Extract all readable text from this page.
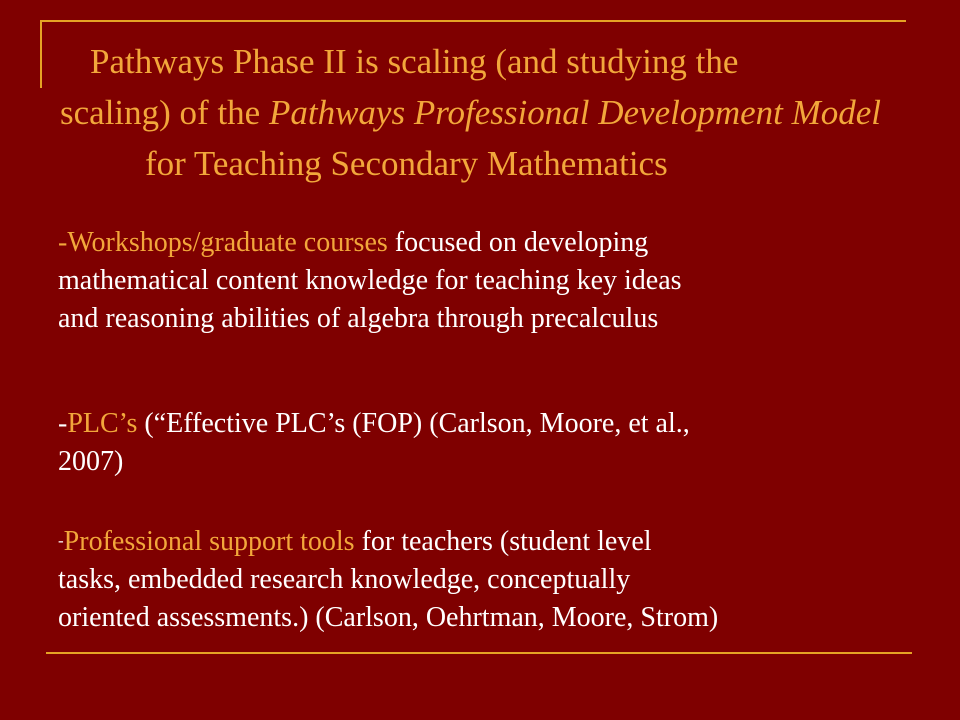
Pathways Phase II is scaling (and studying the
scaling) of the Pathways Professional Development Model
for Teaching Secondary Mathematics
-Workshops/graduate courses focused on developing
mathematical content knowledge for teaching key ideas
and reasoning abilities of algebra through precalculus
-PLC’s (“Effective PLC’s (FOP) (Carlson, Moore, et al.,
2007)
-Professional support tools for teachers (student level
tasks, embedded research knowledge, conceptually
oriented assessments.) (Carlson, Oehrtman, Moore, Strom)
